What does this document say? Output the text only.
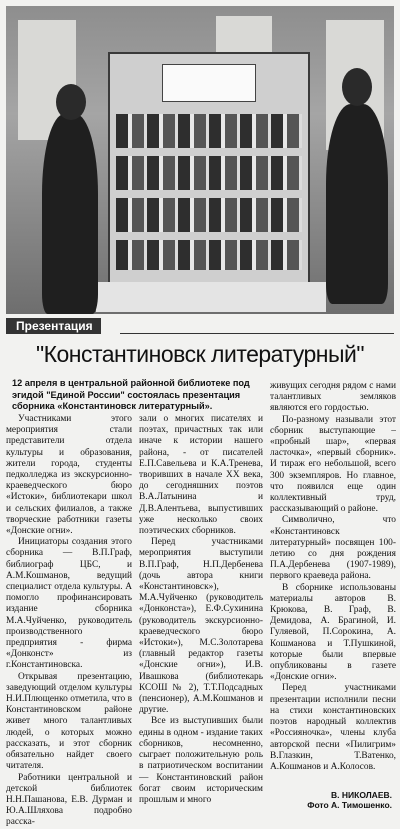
Презентация
"Константиновск литературный"
12 апреля в центральной районной библиотеке под эгидой "Единой России" состоялась презентация сборника «Константиновск литературный».

Участниками этого мероприятия стали представители отдела культуры и образования, жители города, студенты педколледжа из экскурсионно-краеведческого бюро «Истоки», библиотекари школ и сельских филиалов, а также творческие работники газеты «Донские огни».

Инициаторы создания этого сборника — В.П.Граф, библиограф ЦБС, и А.М.Кошманов, ведущий специалист отдела культуры. А помогло профинансировать издание сборника М.А.Чуйченко, руководитель производственного предприятия - фирма «Донконст» из г.Константиновска.

Открывая презентацию, заведующий отделом культуры Н.И.Плющенко отметила, что в Константиновском районе живет много талантливых людей, о которых можно рассказать, и этот сборник обязательно найдет своего читателя.

Работники центральной и детской библиотек Н.Н.Пашанова, Е.В. Дурман и Ю.А.Шляхова подробно расска-

зали о многих писателях и поэтах, причастных так или иначе к истории нашего района, - от писателей Е.П.Савельева и К.А.Тренева, творивших в начале XX века, до сегодняшних поэтов В.А.Латынина и Д.В.Алентьева, выпустивших уже несколько своих поэтических сборников.

Перед участниками мероприятия выступили В.П.Граф, Н.П.Дербенева (дочь автора книги «Константиновск»), М.А.Чуйченко (руководитель «Донконста»), Е.Ф.Сухинина (руководитель экскурсионно-краеведческого бюро «Истоки»), М.С.Золотарева (главный редактор газеты «Донские огни»), И.В. Ивашкова (библиотекарь КСОШ № 2), Т.Т.Подсадных (пенсионер), А.М.Кошманов и другие.

Все из выступивших были едины в одном - издание таких сборников, несомненно, сыграет положительную роль в патриотическом воспитании — Константиновский район богат своим историческим прошлым и много

живущих сегодня рядом с нами талантливых земляков являются его гордостью.

По-разному называли этот сборник выступающие – «пробный шар», «первая ласточка», «первый сборник». И тираж его небольшой, всего 300 экземпляров. Но главное, что появился еще один коллективный труд, рассказывающий о районе.

Символично, что «Константиновск литературный» посвящен 100-летию со дня рождения П.А.Дербенева (1907-1989), первого краеведа района.

В сборнике использованы материалы авторов В. Крюкова, В. Граф, В. Демидова, А. Брагиной, И. Гуляевой, П.Сорокина, А. Кошманова и Т.Пушкиной, которые были впервые опубликованы в газете «Донские огни».

Перед участниками презентации исполнили песни на стихи константиновских поэтов народный коллектив «Россияночка», члены клуба авторской песни «Пилигрим» В.Глазкин, Т.Ватенко, А.Кошманов и А.Колосов.

В. НИКОЛАЕВ.
Фото А. Тимошенко.
